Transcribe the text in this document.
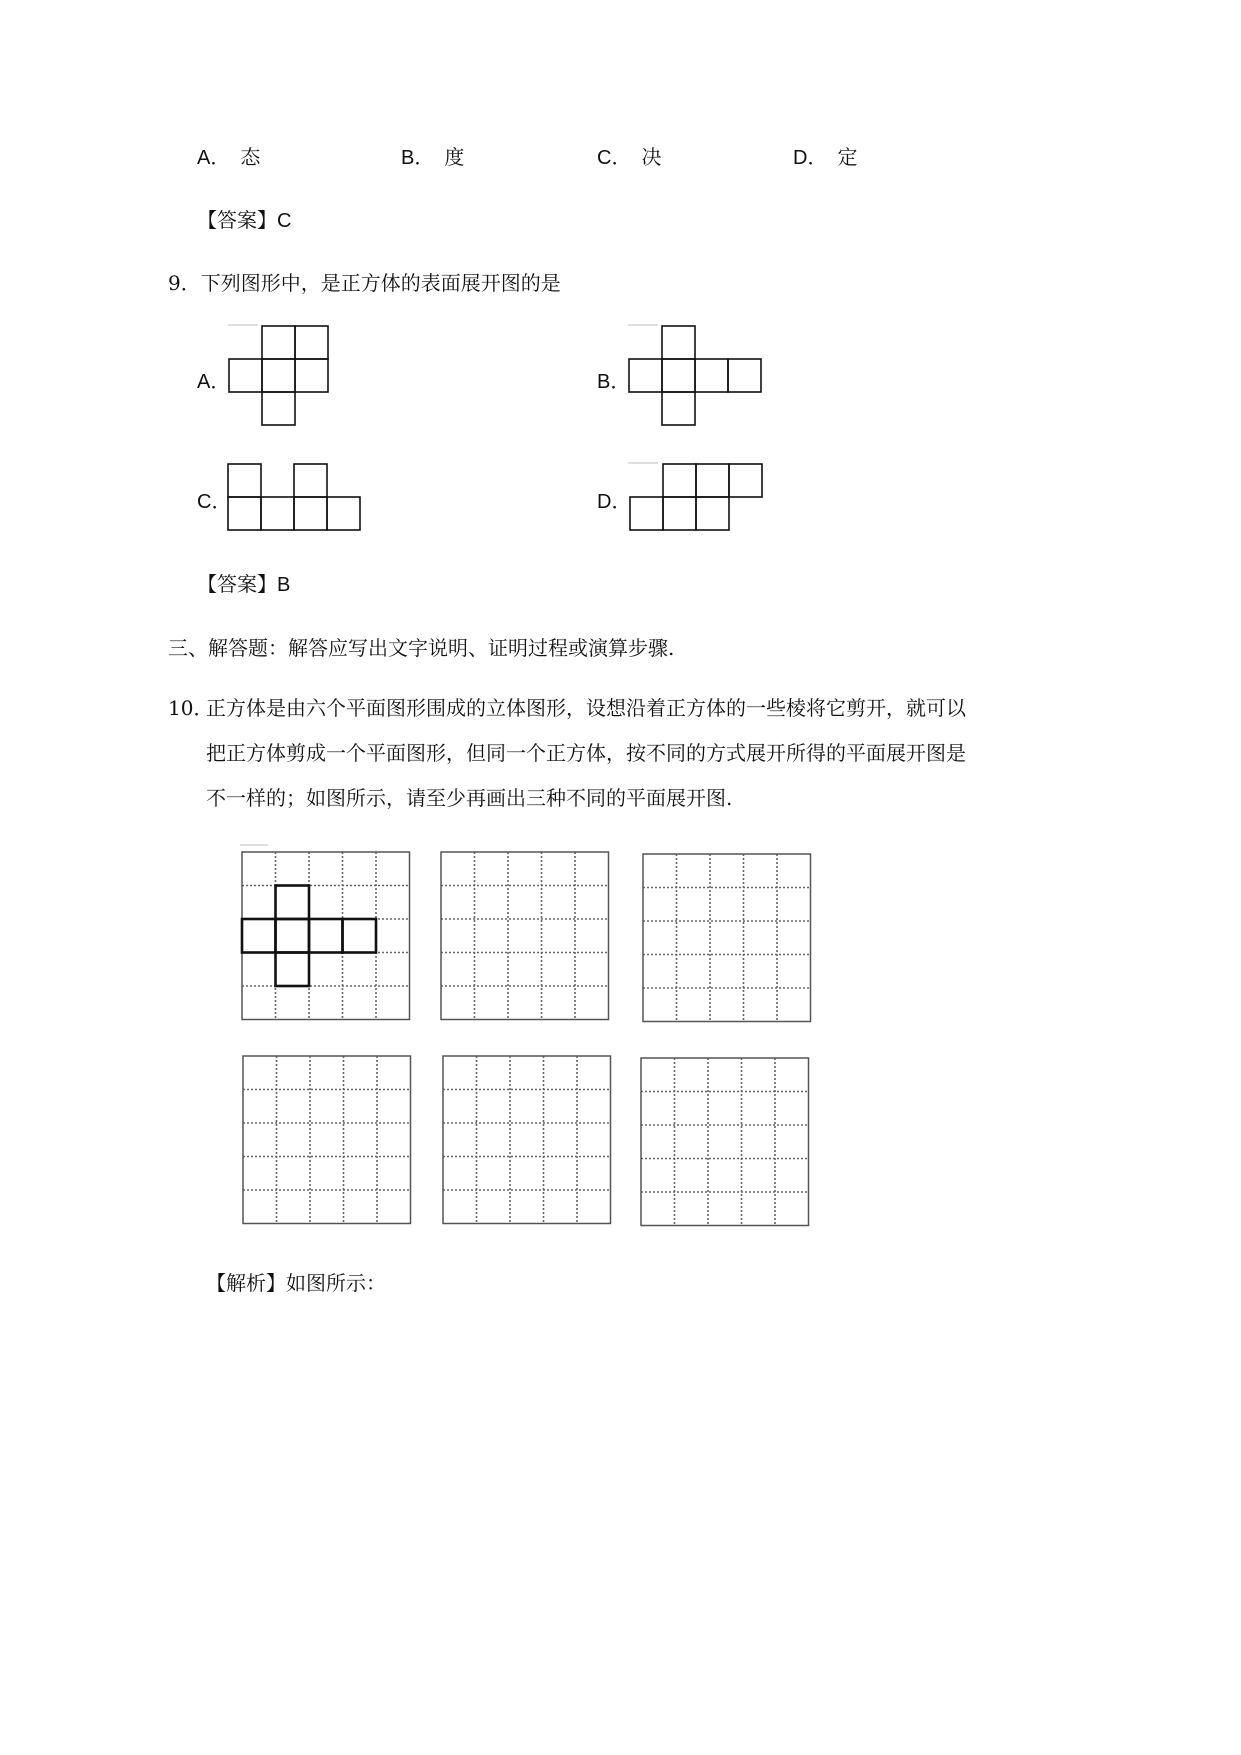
A． 态	B． 度	C． 决	D． 定
【答案】C
9．下列图形中，是正方体的表面展开图的是
A．	B．
C．	D．
【答案】B
三、解答题：解答应写出文字说明、证明过程或演算步骤.
10．
正方体是由六个平面图形围成的立体图形，设想沿着正方体的一些棱将它剪开，就可以
把正方体剪成一个平面图形，但同一个正方体，按不同的方式展开所得的平面展开图是
不一样的；如图所示，请至少再画出三种不同的平面展开图.
【解析】如图所示：
